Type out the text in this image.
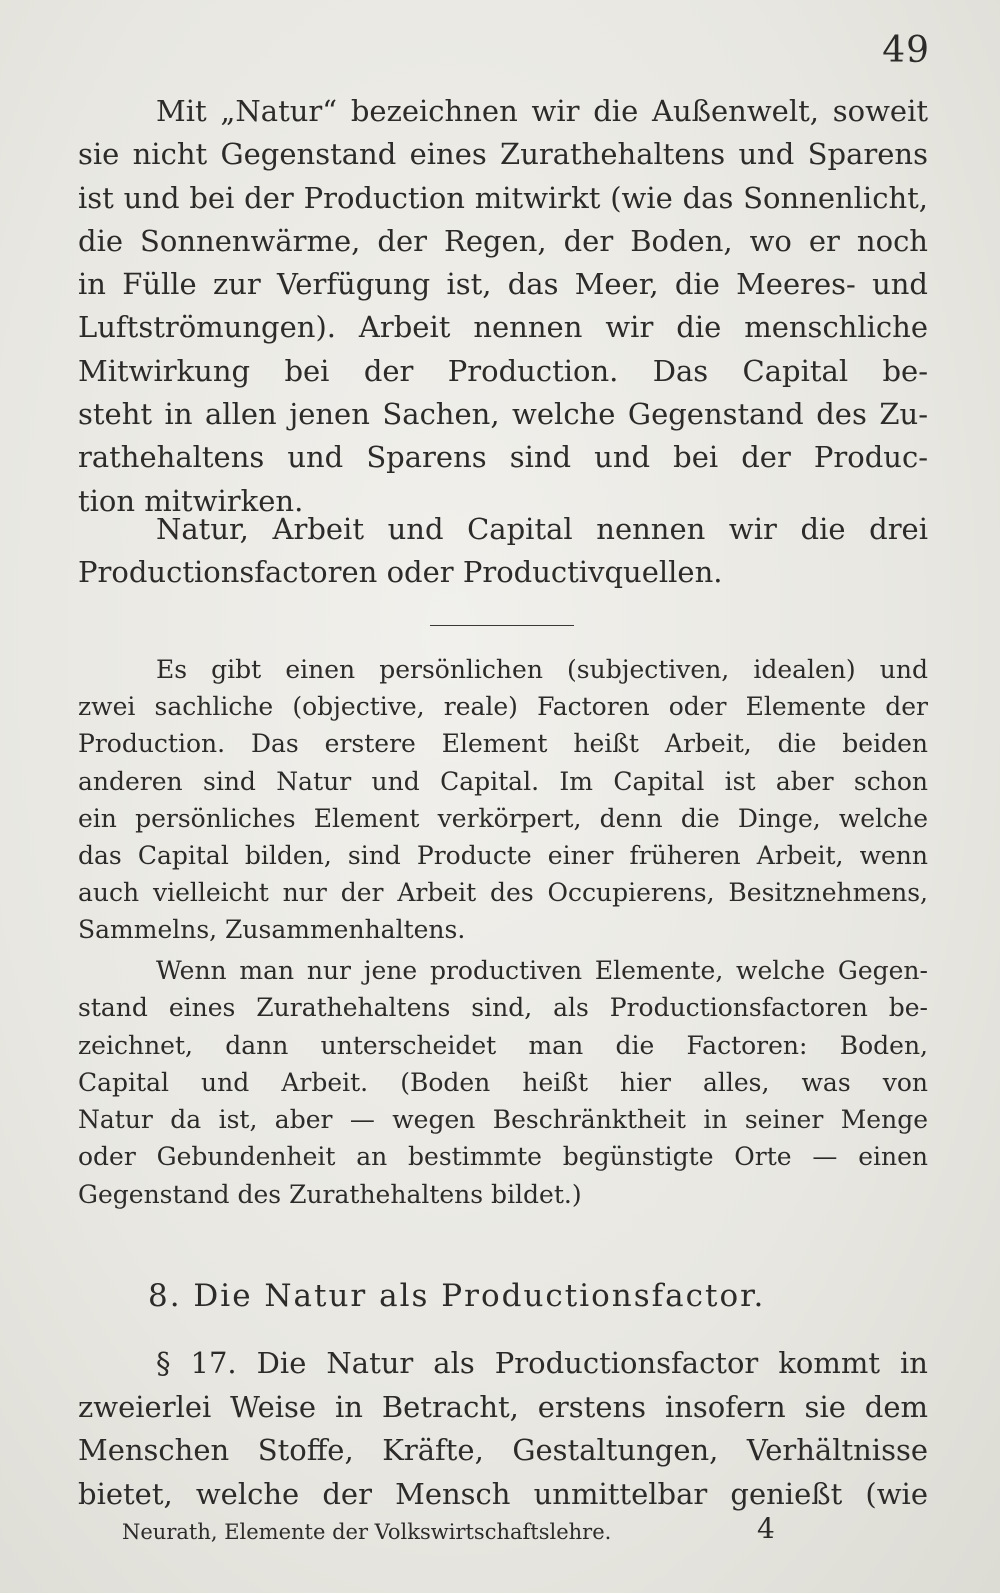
49
Mit „Natur“ bezeichnen wir die Außenwelt, soweit
sie nicht Gegenstand eines Zurathehaltens und Sparens
ist und bei der Production mitwirkt (wie das Sonnenlicht,
die Sonnenwärme, der Regen, der Boden, wo er noch
in Fülle zur Verfügung ist, das Meer, die Meeres- und
Luftströmungen). Arbeit nennen wir die menschliche
Mitwirkung bei der Production. Das Capital be-
steht in allen jenen Sachen, welche Gegenstand des Zu-
rathehaltens und Sparens sind und bei der Produc-
tion mitwirken.
Natur, Arbeit und Capital nennen wir die drei
Productionsfactoren oder Productivquellen.
Es gibt einen persönlichen (subjectiven, idealen) und
zwei sachliche (objective, reale) Factoren oder Elemente der
Production. Das erstere Element heißt Arbeit, die beiden
anderen sind Natur und Capital. Im Capital ist aber schon
ein persönliches Element verkörpert, denn die Dinge, welche
das Capital bilden, sind Producte einer früheren Arbeit, wenn
auch vielleicht nur der Arbeit des Occupierens, Besitznehmens,
Sammelns, Zusammenhaltens.
Wenn man nur jene productiven Elemente, welche Gegen-
stand eines Zurathehaltens sind, als Productionsfactoren be-
zeichnet, dann unterscheidet man die Factoren: Boden,
Capital und Arbeit. (Boden heißt hier alles, was von
Natur da ist, aber — wegen Beschränktheit in seiner Menge
oder Gebundenheit an bestimmte begünstigte Orte — einen
Gegenstand des Zurathehaltens bildet.)
8. Die Natur als Productionsfactor.
§ 17. Die Natur als Productionsfactor kommt in
zweierlei Weise in Betracht, erstens insofern sie dem
Menschen Stoffe, Kräfte, Gestaltungen, Verhältnisse
bietet, welche der Mensch unmittelbar genießt (wie
Neurath, Elemente der Volkswirtschaftslehre.	4
